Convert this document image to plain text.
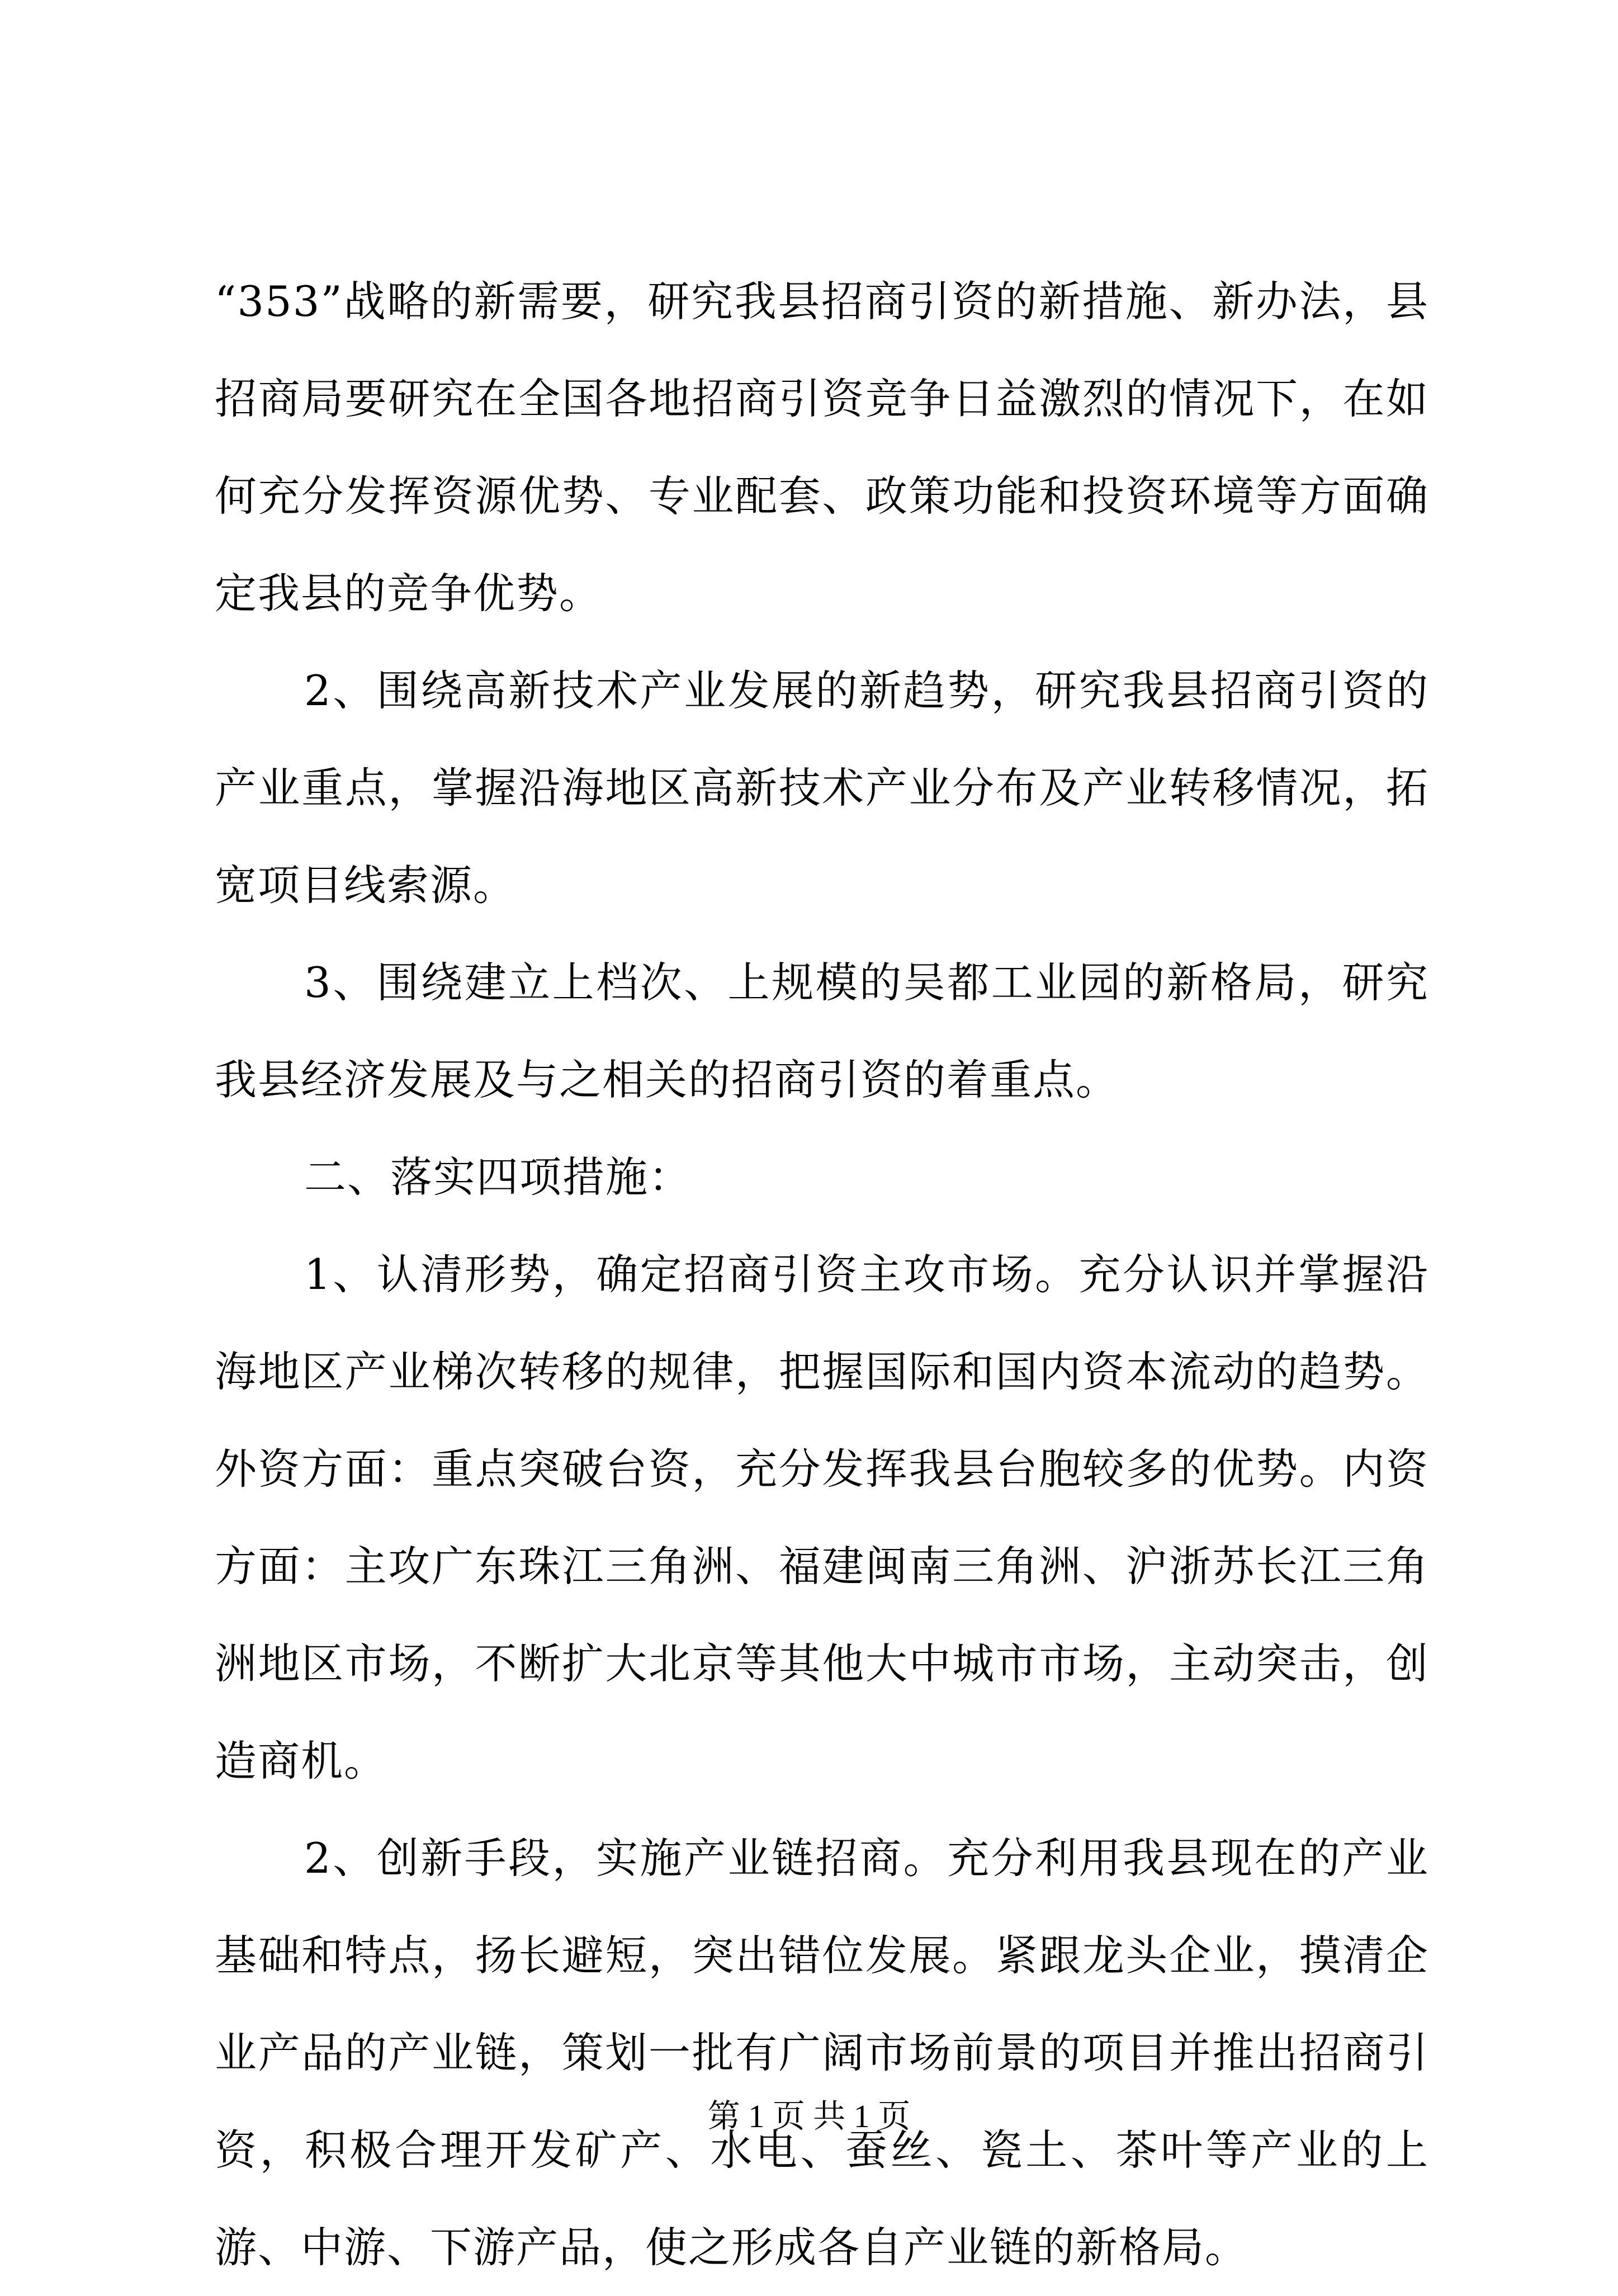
“353”战略的新需要，研究我县招商引资的新措施、新办法，县招商局要研究在全国各地招商引资竞争日益激烈的情况下，在如何充分发挥资源优势、专业配套、政策功能和投资环境等方面确定我县的竞争优势。

2、围绕高新技术产业发展的新趋势，研究我县招商引资的产业重点，掌握沿海地区高新技术产业分布及产业转移情况，拓宽项目线索源。

3、围绕建立上档次、上规模的吴都工业园的新格局，研究我县经济发展及与之相关的招商引资的着重点。

二、落实四项措施：

1、认清形势，确定招商引资主攻市场。充分认识并掌握沿海地区产业梯次转移的规律，把握国际和国内资本流动的趋势。外资方面：重点突破台资，充分发挥我县台胞较多的优势。内资方面：主攻广东珠江三角洲、福建闽南三角洲、沪浙苏长江三角洲地区市场，不断扩大北京等其他大中城市市场，主动突击，创造商机。

2、创新手段，实施产业链招商。充分利用我县现在的产业基础和特点，扬长避短，突出错位发展。紧跟龙头企业，摸清企业产品的产业链，策划一批有广阔市场前景的项目并推出招商引资，积极合理开发矿产、水电、蚕丝、瓷土、茶叶等产业的上游、中游、下游产品，使之形成各自产业链的新格局。

第 1 页 共 1 页
